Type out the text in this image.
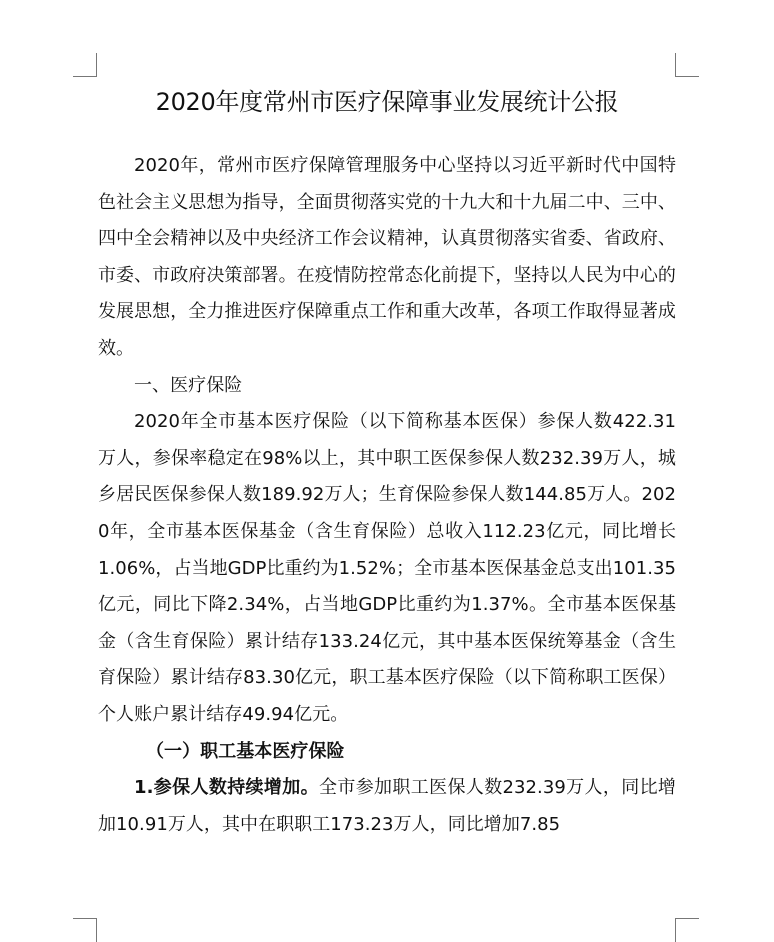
2020年度常州市医疗保障事业发展统计公报

2020年，常州市医疗保障管理服务中心坚持以习近平新时代中国特色社会主义思想为指导，全面贯彻落实党的十九大和十九届二中、三中、四中全会精神以及中央经济工作会议精神，认真贯彻落实省委、省政府、市委、市政府决策部署。在疫情防控常态化前提下，坚持以人民为中心的发展思想，全力推进医疗保障重点工作和重大改革，各项工作取得显著成效。

一、医疗保险

2020年全市基本医疗保险（以下简称基本医保）参保人数422.31万人，参保率稳定在98%以上，其中职工医保参保人数232.39万人，城乡居民医保参保人数189.92万人；生育保险参保人数144.85万人。2020年，全市基本医保基金（含生育保险）总收入112.23亿元，同比增长1.06%，占当地GDP比重约为1.52%；全市基本医保基金总支出101.35亿元，同比下降2.34%，占当地GDP比重约为1.37%。全市基本医保基金（含生育保险）累计结存133.24亿元，其中基本医保统筹基金（含生育保险）累计结存83.30亿元，职工基本医疗保险（以下简称职工医保）个人账户累计结存49.94亿元。

（一）职工基本医疗保险

1.参保人数持续增加。全市参加职工医保人数232.39万人，同比增加10.91万人，其中在职职工173.23万人，同比增加7.85
